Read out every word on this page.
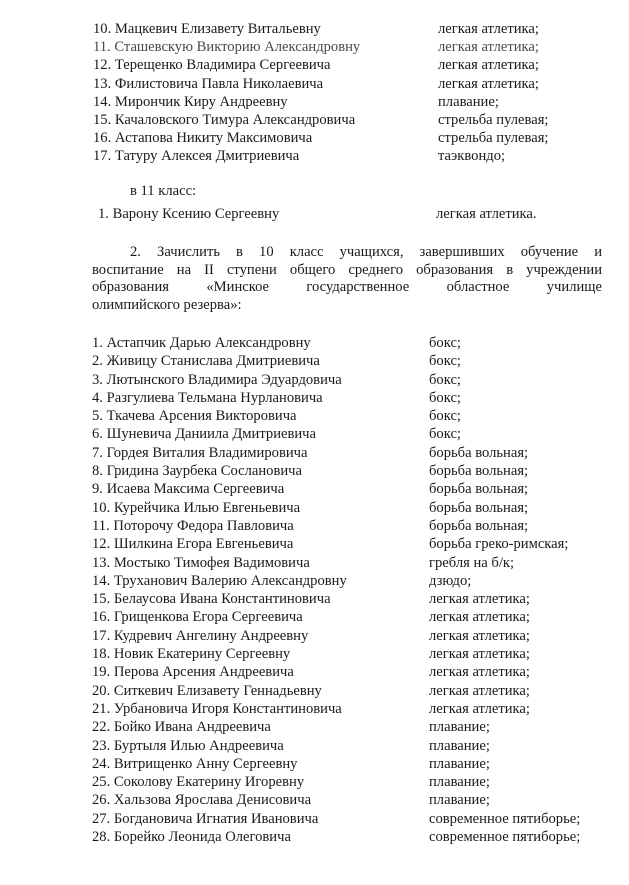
10. Мацкевич Елизавету Витальевну	легкая атлетика;
11. Сташевскую Викторию Александровну	легкая атлетика;
12. Терещенко Владимира Сергеевича	легкая атлетика;
13. Филистовича Павла Николаевича	легкая атлетика;
14. Мирончик Киру Андреевну	плавание;
15. Качаловского Тимура Александровича	стрельба пулевая;
16. Астапова Никиту Максимовича	стрельба пулевая;
17. Татуру Алексея Дмитриевича	таэквондо;
в 11 класс:
1. Варону Ксению Сергеевну	легкая атлетика.
2. Зачислить в 10 класс учащихся, завершивших обучение и
воспитание на II ступени общего среднего образования в учреждении
образования «Минское государственное областное училище
олимпийского резерва»:
1. Астапчик Дарью Александровну	бокс;
2. Живицу Станислава Дмитриевича	бокс;
3. Лютынского Владимира Эдуардовича	бокс;
4. Разгулиева Тельмана Нурлановича	бокс;
5. Ткачева Арсения Викторовича	бокс;
6. Шуневича Даниила Дмитриевича	бокс;
7. Гордея Виталия Владимировича	борьба вольная;
8. Гридина Заурбека Сослановича	борьба вольная;
9. Исаева Максима Сергеевича	борьба вольная;
10. Курейчика Илью Евгеньевича	борьба вольная;
11. Поторочу Федора Павловича	борьба вольная;
12. Шилкина Егора Евгеньевича	борьба греко-римская;
13. Мостыко Тимофея Вадимовича	гребля на б/к;
14. Труханович Валерию Александровну	дзюдо;
15. Белаусова Ивана Константиновича	легкая атлетика;
16. Грищенкова Егора Сергеевича	легкая атлетика;
17. Кудревич Ангелину Андреевну	легкая атлетика;
18. Новик Екатерину Сергеевну	легкая атлетика;
19. Перова Арсения Андреевича	легкая атлетика;
20. Ситкевич Елизавету Геннадьевну	легкая атлетика;
21. Урбановича Игоря Константиновича	легкая атлетика;
22. Бойко Ивана Андреевича	плавание;
23. Буртыля Илью Андреевича	плавание;
24. Витрищенко Анну Сергеевну	плавание;
25. Соколову Екатерину Игоревну	плавание;
26. Хальзова Ярослава Денисовича	плавание;
27. Богдановича Игнатия Ивановича	современное пятиборье;
28. Борейко Леонида Олеговича	современное пятиборье;
